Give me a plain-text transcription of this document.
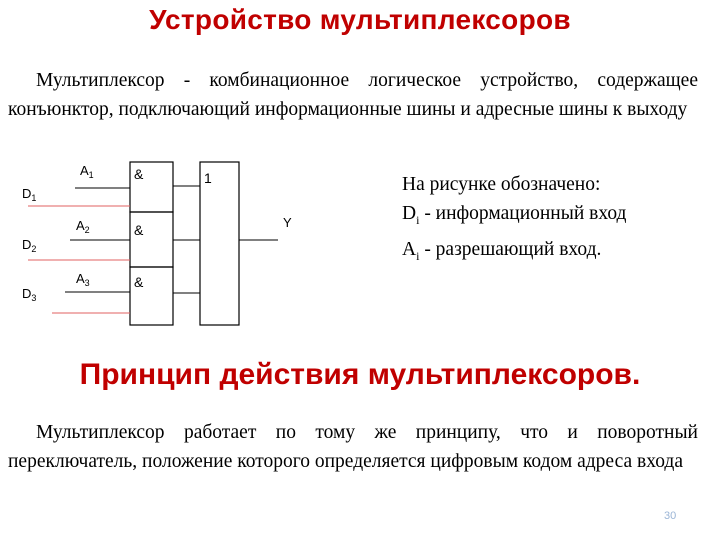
Устройство мультиплексоров
Мультиплексор - комбинационное логическое устройство, содержащее конъюнктор, подключающий информационные шины и адресные шины к выходу
&
&
&
1
$A_1$
$D_1$
$A_2$
$D_2$
$A_3$
$D_3$
Y
На рисунке обозначено:
$D_i$ - информационный вход
$A_i$ - разрешающий вход.
Принцип действия мультиплексоров.
Мультиплексор работает по тому же принципу, что и поворотный переключатель, положение которого определяется цифровым кодом адреса входа
30
